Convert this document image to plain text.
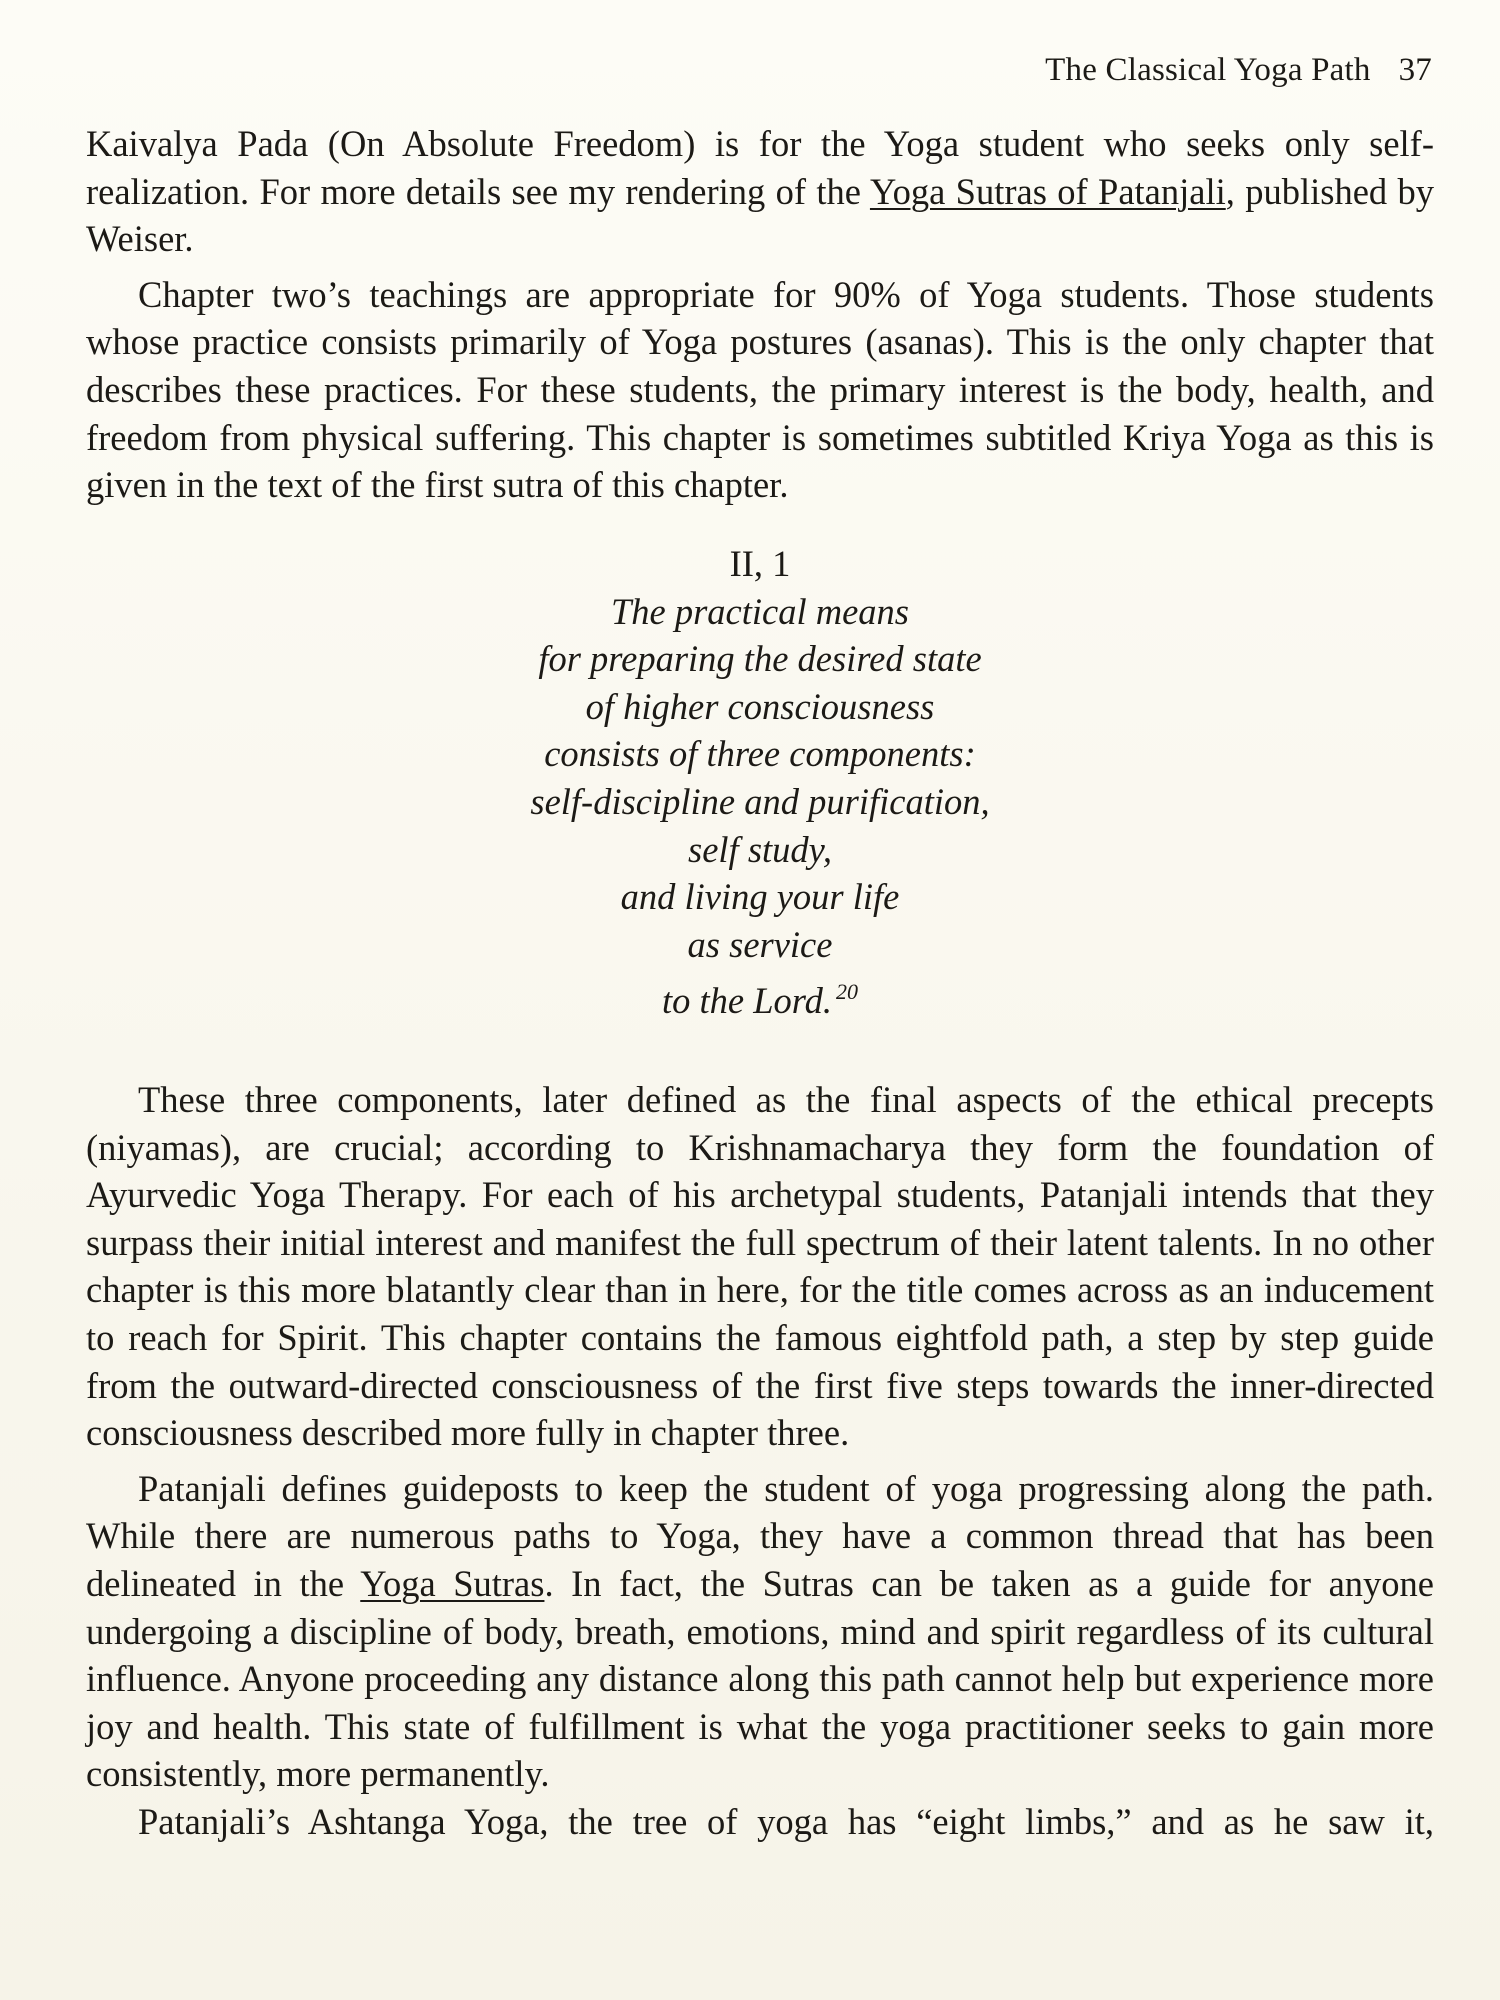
The Classical Yoga Path 37

Kaivalya Pada (On Absolute Freedom) is for the Yoga student who seeks only self-realization. For more details see my rendering of the Yoga Sutras of Patanjali, published by Weiser.

Chapter two’s teachings are appropriate for 90% of Yoga students. Those students whose practice consists primarily of Yoga postures (asanas). This is the only chapter that describes these practices. For these students, the primary interest is the body, health, and freedom from physical suffering. This chapter is sometimes subtitled Kriya Yoga as this is given in the text of the first sutra of this chapter.

II, 1
The practical means
for preparing the desired state
of higher consciousness
consists of three components:
self-discipline and purification,
self study,
and living your life
as service
to the Lord. $^{20}$

These three components, later defined as the final aspects of the ethical precepts (niyamas), are crucial; according to Krishnamacharya they form the foundation of Ayurvedic Yoga Therapy. For each of his archetypal students, Patanjali intends that they surpass their initial interest and manifest the full spectrum of their latent talents. In no other chapter is this more blatantly clear than in here, for the title comes across as an inducement to reach for Spirit. This chapter contains the famous eightfold path, a step by step guide from the outward-directed consciousness of the first five steps towards the inner-directed consciousness described more fully in chapter three.

Patanjali defines guideposts to keep the student of yoga progressing along the path. While there are numerous paths to Yoga, they have a common thread that has been delineated in the Yoga Sutras. In fact, the Sutras can be taken as a guide for anyone undergoing a discipline of body, breath, emotions, mind and spirit regardless of its cultural influence. Anyone proceeding any distance along this path cannot help but experience more joy and health. This state of fulfillment is what the yoga practitioner seeks to gain more consistently, more permanently.

Patanjali’s Ashtanga Yoga, the tree of yoga has “eight limbs,” and as he saw it,
